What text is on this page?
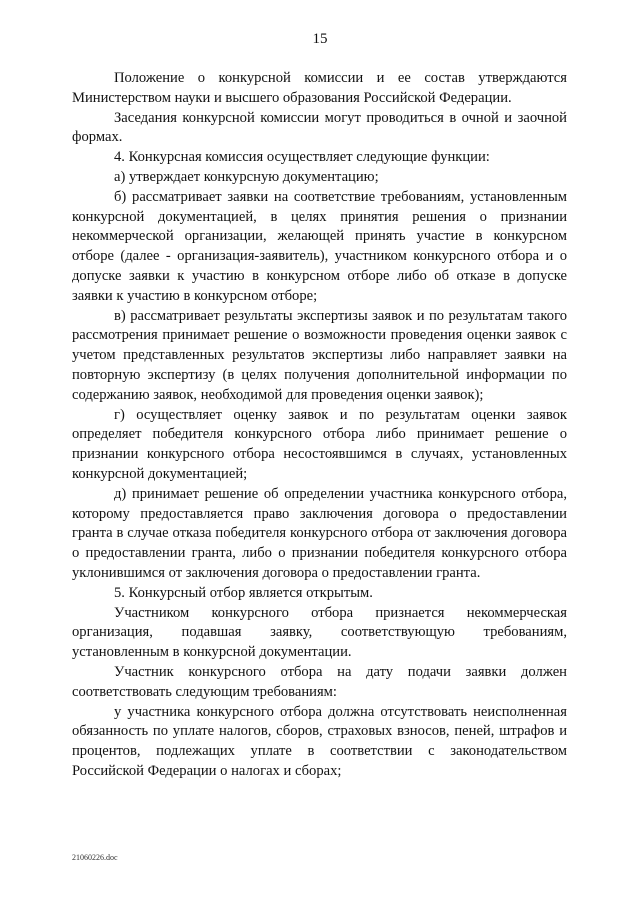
15

Положение о конкурсной комиссии и ее состав утверждаются Министерством науки и высшего образования Российской Федерации.

Заседания конкурсной комиссии могут проводиться в очной и заочной формах.

4. Конкурсная комиссия осуществляет следующие функции:

а) утверждает конкурсную документацию;

б) рассматривает заявки на соответствие требованиям, установленным конкурсной документацией, в целях принятия решения о признании некоммерческой организации, желающей принять участие в конкурсном отборе (далее - организация-заявитель), участником конкурсного отбора и о допуске заявки к участию в конкурсном отборе либо об отказе в допуске заявки к участию в конкурсном отборе;

в) рассматривает результаты экспертизы заявок и по результатам такого рассмотрения принимает решение о возможности проведения оценки заявок с учетом представленных результатов экспертизы либо направляет заявки на повторную экспертизу (в целях получения дополнительной информации по содержанию заявок, необходимой для проведения оценки заявок);

г) осуществляет оценку заявок и по результатам оценки заявок определяет победителя конкурсного отбора либо принимает решение о признании конкурсного отбора несостоявшимся в случаях, установленных конкурсной документацией;

д) принимает решение об определении участника конкурсного отбора, которому предоставляется право заключения договора о предоставлении гранта в случае отказа победителя конкурсного отбора от заключения договора о предоставлении гранта, либо о признании победителя конкурсного отбора уклонившимся от заключения договора о предоставлении гранта.

5. Конкурсный отбор является открытым.

Участником конкурсного отбора признается некоммерческая организация, подавшая заявку, соответствующую требованиям, установленным в конкурсной документации.

Участник конкурсного отбора на дату подачи заявки должен соответствовать следующим требованиям:

у участника конкурсного отбора должна отсутствовать неисполненная обязанность по уплате налогов, сборов, страховых взносов, пеней, штрафов и процентов, подлежащих уплате в соответствии с законодательством Российской Федерации о налогах и сборах;

21060226.doc
